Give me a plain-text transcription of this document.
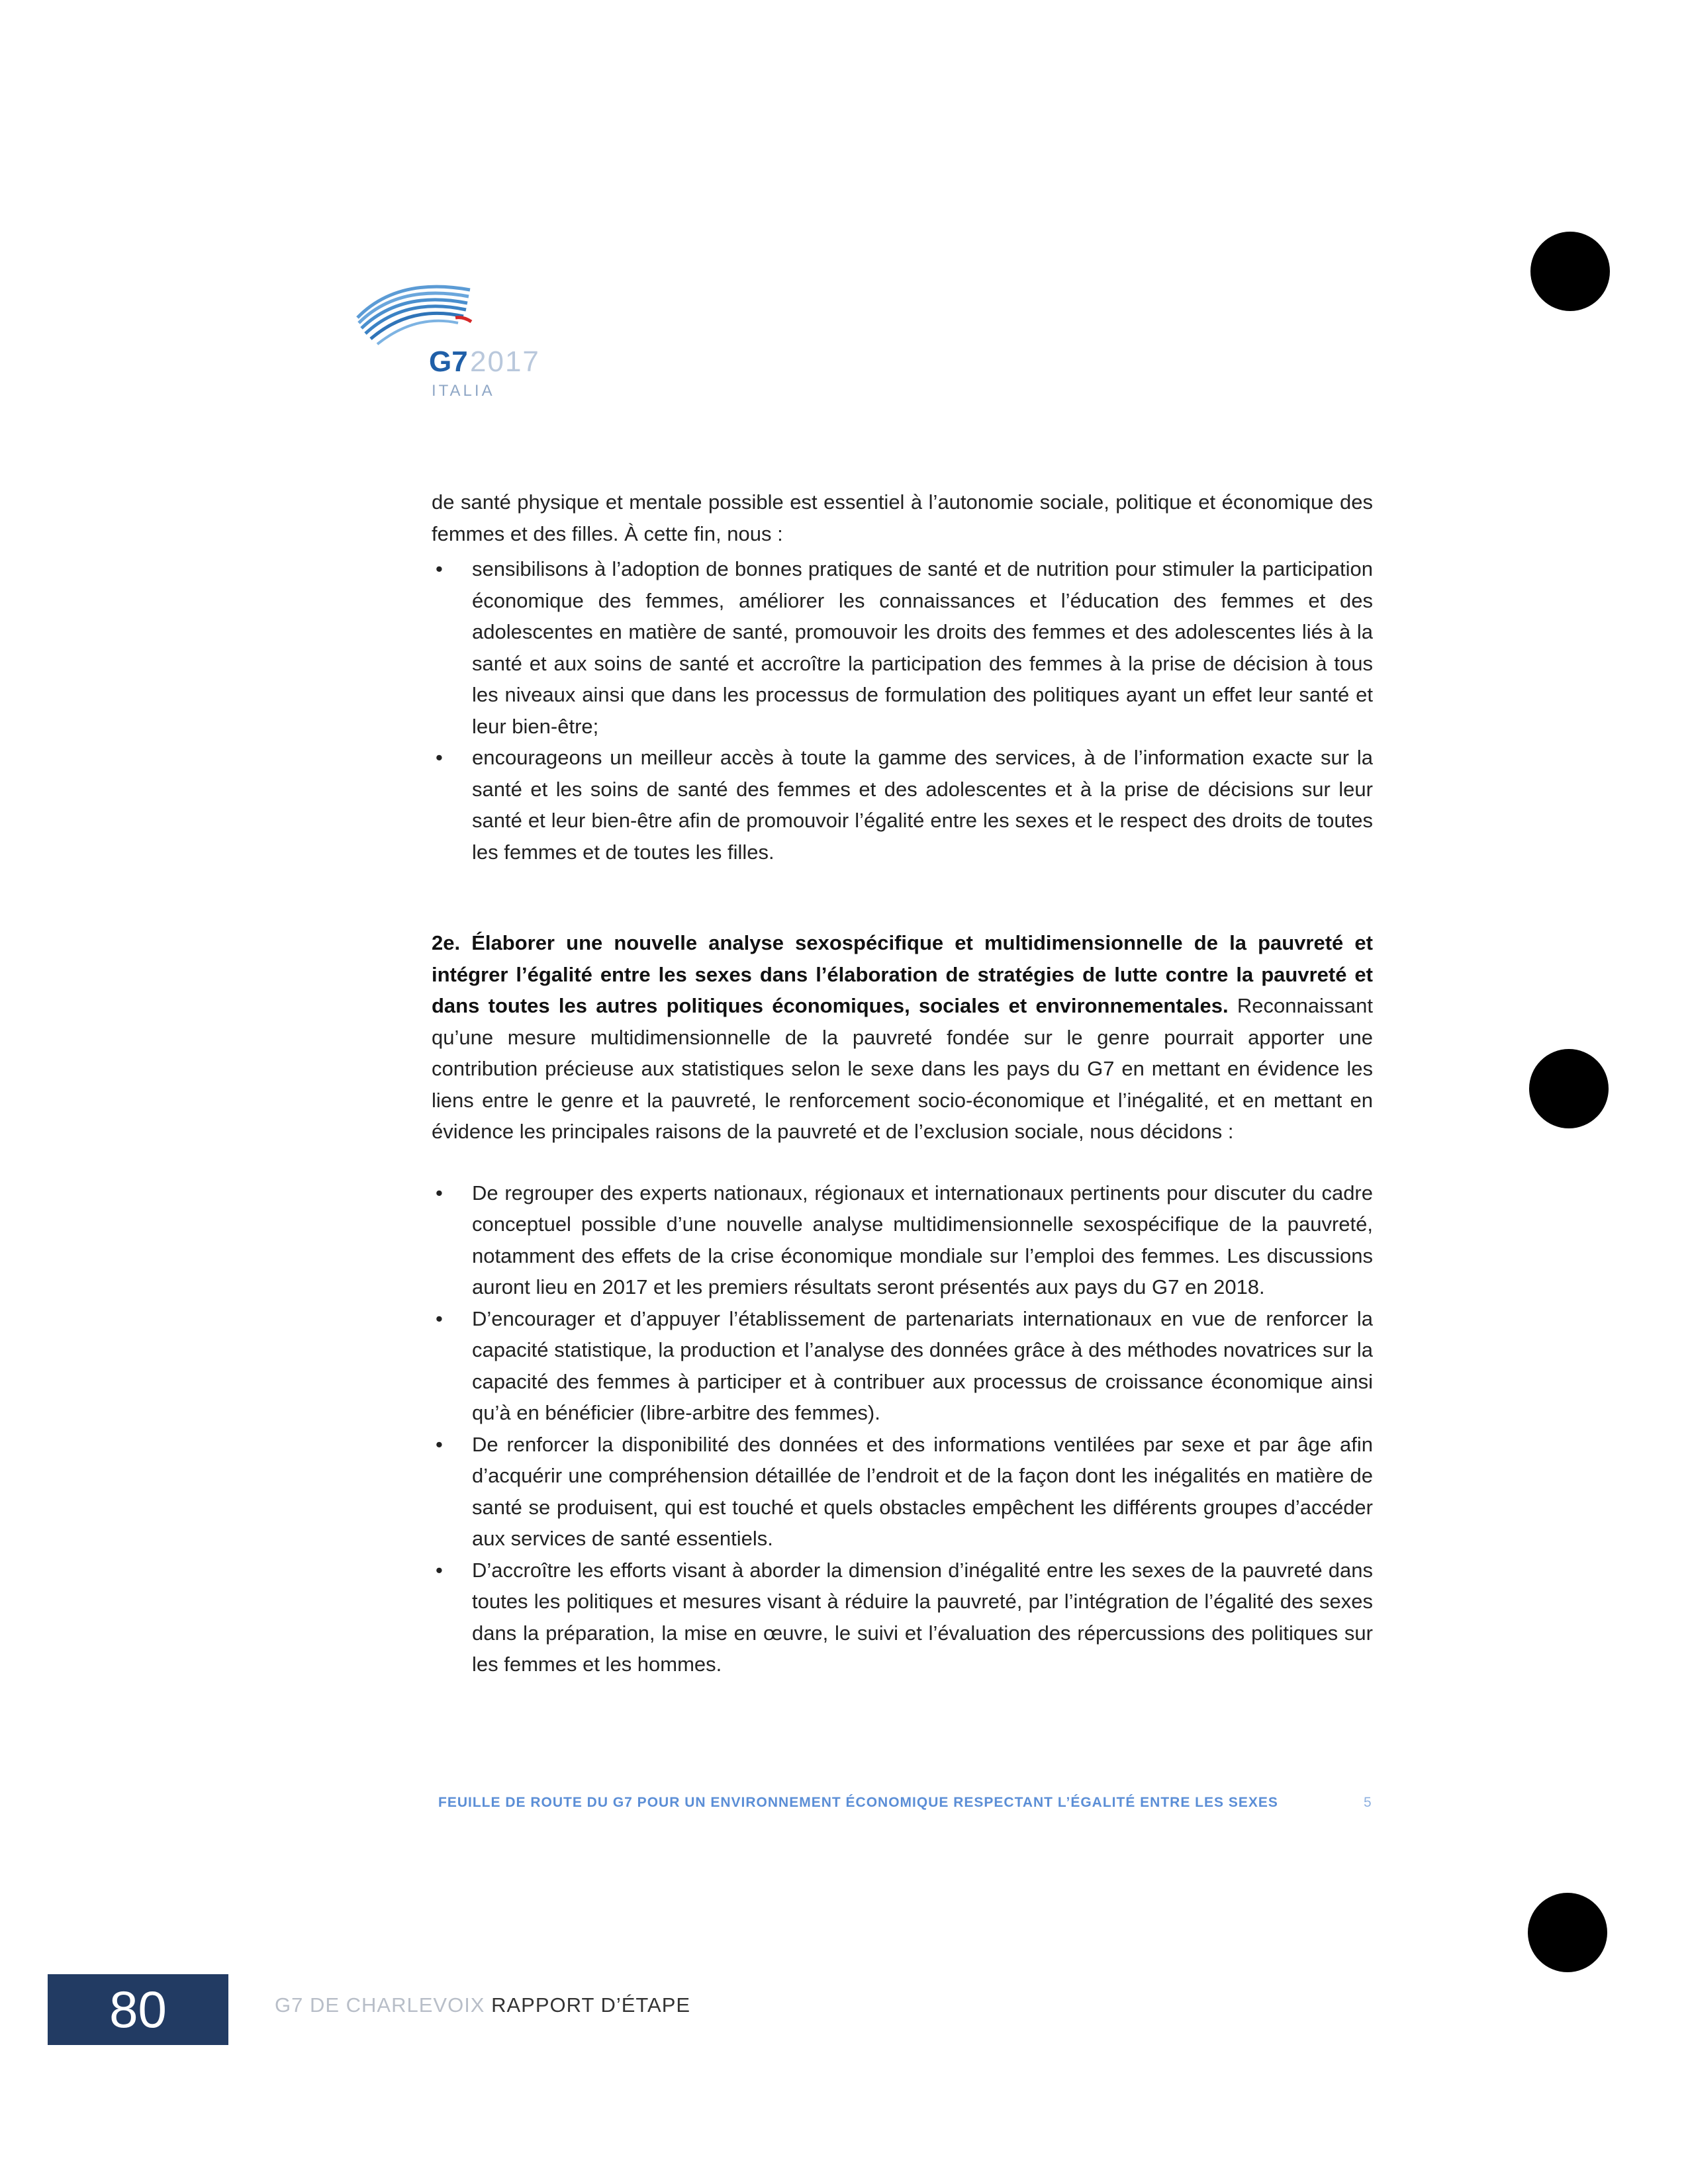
G7 2017
ITALIA

de santé physique et mentale possible est essentiel à l’autonomie sociale, politique et économique des femmes et des filles. À cette fin, nous :

• sensibilisons à l’adoption de bonnes pratiques de santé et de nutrition pour stimuler la participation économique des femmes, améliorer les connaissances et l’éducation des femmes et des adolescentes en matière de santé, promouvoir les droits des femmes et des adolescentes liés à la santé et aux soins de santé et accroître la participation des femmes à la prise de décision à tous les niveaux ainsi que dans les processus de formulation des politiques ayant un effet leur santé et leur bien-être;
• encourageons un meilleur accès à toute la gamme des services, à de l’information exacte sur la santé et les soins de santé des femmes et des adolescentes et à la prise de décisions sur leur santé et leur bien-être afin de promouvoir l’égalité entre les sexes et le respect des droits de toutes les femmes et de toutes les filles.

2e. Élaborer une nouvelle analyse sexospécifique et multidimensionnelle de la pauvreté et intégrer l’égalité entre les sexes dans l’élaboration de stratégies de lutte contre la pauvreté et dans toutes les autres politiques économiques, sociales et environnementales. Reconnaissant qu’une mesure multidimensionnelle de la pauvreté fondée sur le genre pourrait apporter une contribution précieuse aux statistiques selon le sexe dans les pays du G7 en mettant en évidence les liens entre le genre et la pauvreté, le renforcement socio-économique et l’inégalité, et en mettant en évidence les principales raisons de la pauvreté et de l’exclusion sociale, nous décidons :

• De regrouper des experts nationaux, régionaux et internationaux pertinents pour discuter du cadre conceptuel possible d’une nouvelle analyse multidimensionnelle sexospécifique de la pauvreté, notamment des effets de la crise économique mondiale sur l’emploi des femmes. Les discussions auront lieu en 2017 et les premiers résultats seront présentés aux pays du G7 en 2018.
• D’encourager et d’appuyer l’établissement de partenariats internationaux en vue de renforcer la capacité statistique, la production et l’analyse des données grâce à des méthodes novatrices sur la capacité des femmes à participer et à contribuer aux processus de croissance économique ainsi qu’à en bénéficier (libre-arbitre des femmes).
• De renforcer la disponibilité des données et des informations ventilées par sexe et par âge afin d’acquérir une compréhension détaillée de l’endroit et de la façon dont les inégalités en matière de santé se produisent, qui est touché et quels obstacles empêchent les différents groupes d’accéder aux services de santé essentiels.
• D’accroître les efforts visant à aborder la dimension d’inégalité entre les sexes de la pauvreté dans toutes les politiques et mesures visant à réduire la pauvreté, par l’intégration de l’égalité des sexes dans la préparation, la mise en œuvre, le suivi et l’évaluation des répercussions des politiques sur les femmes et les hommes.
FEUILLE DE ROUTE DU G7 POUR UN ENVIRONNEMENT ÉCONOMIQUE RESPECTANT L’ÉGALITÉ ENTRE LES SEXES	5
80	G7 DE CHARLEVOIX RAPPORT D’ÉTAPE
